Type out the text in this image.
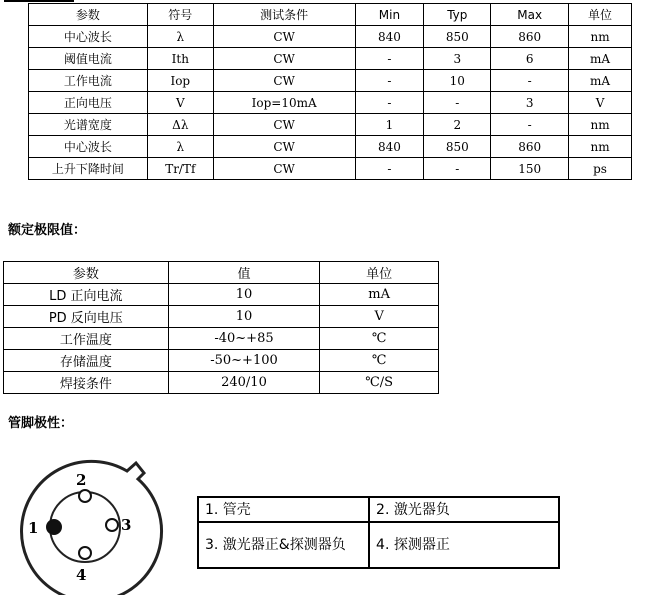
参数	符号	测试条件	Min	Typ	Max	单位
中心波长	λ	CW	840	850	860	nm
阈值电流	Ith	CW	-	3	6	mA
工作电流	Iop	CW	-	10	-	mA
正向电压	V	Iop=10mA	-	-	3	V
光谱宽度	Δλ	CW	1	2	-	nm
中心波长	λ	CW	840	850	860	nm
上升下降时间	Tr/Tf	CW	-	-	150	ps
额定极限值：
参数	值	单位
LD 正向电流	10	mA
PD 反向电压	10	V
工作温度	-40~+85	℃
存储温度	-50~+100	℃
焊接条件	240/10	℃/S
管脚极性：
1
2
3
4
1. 管壳	2. 激光器负
3. 激光器正&探测器负	4. 探测器正
